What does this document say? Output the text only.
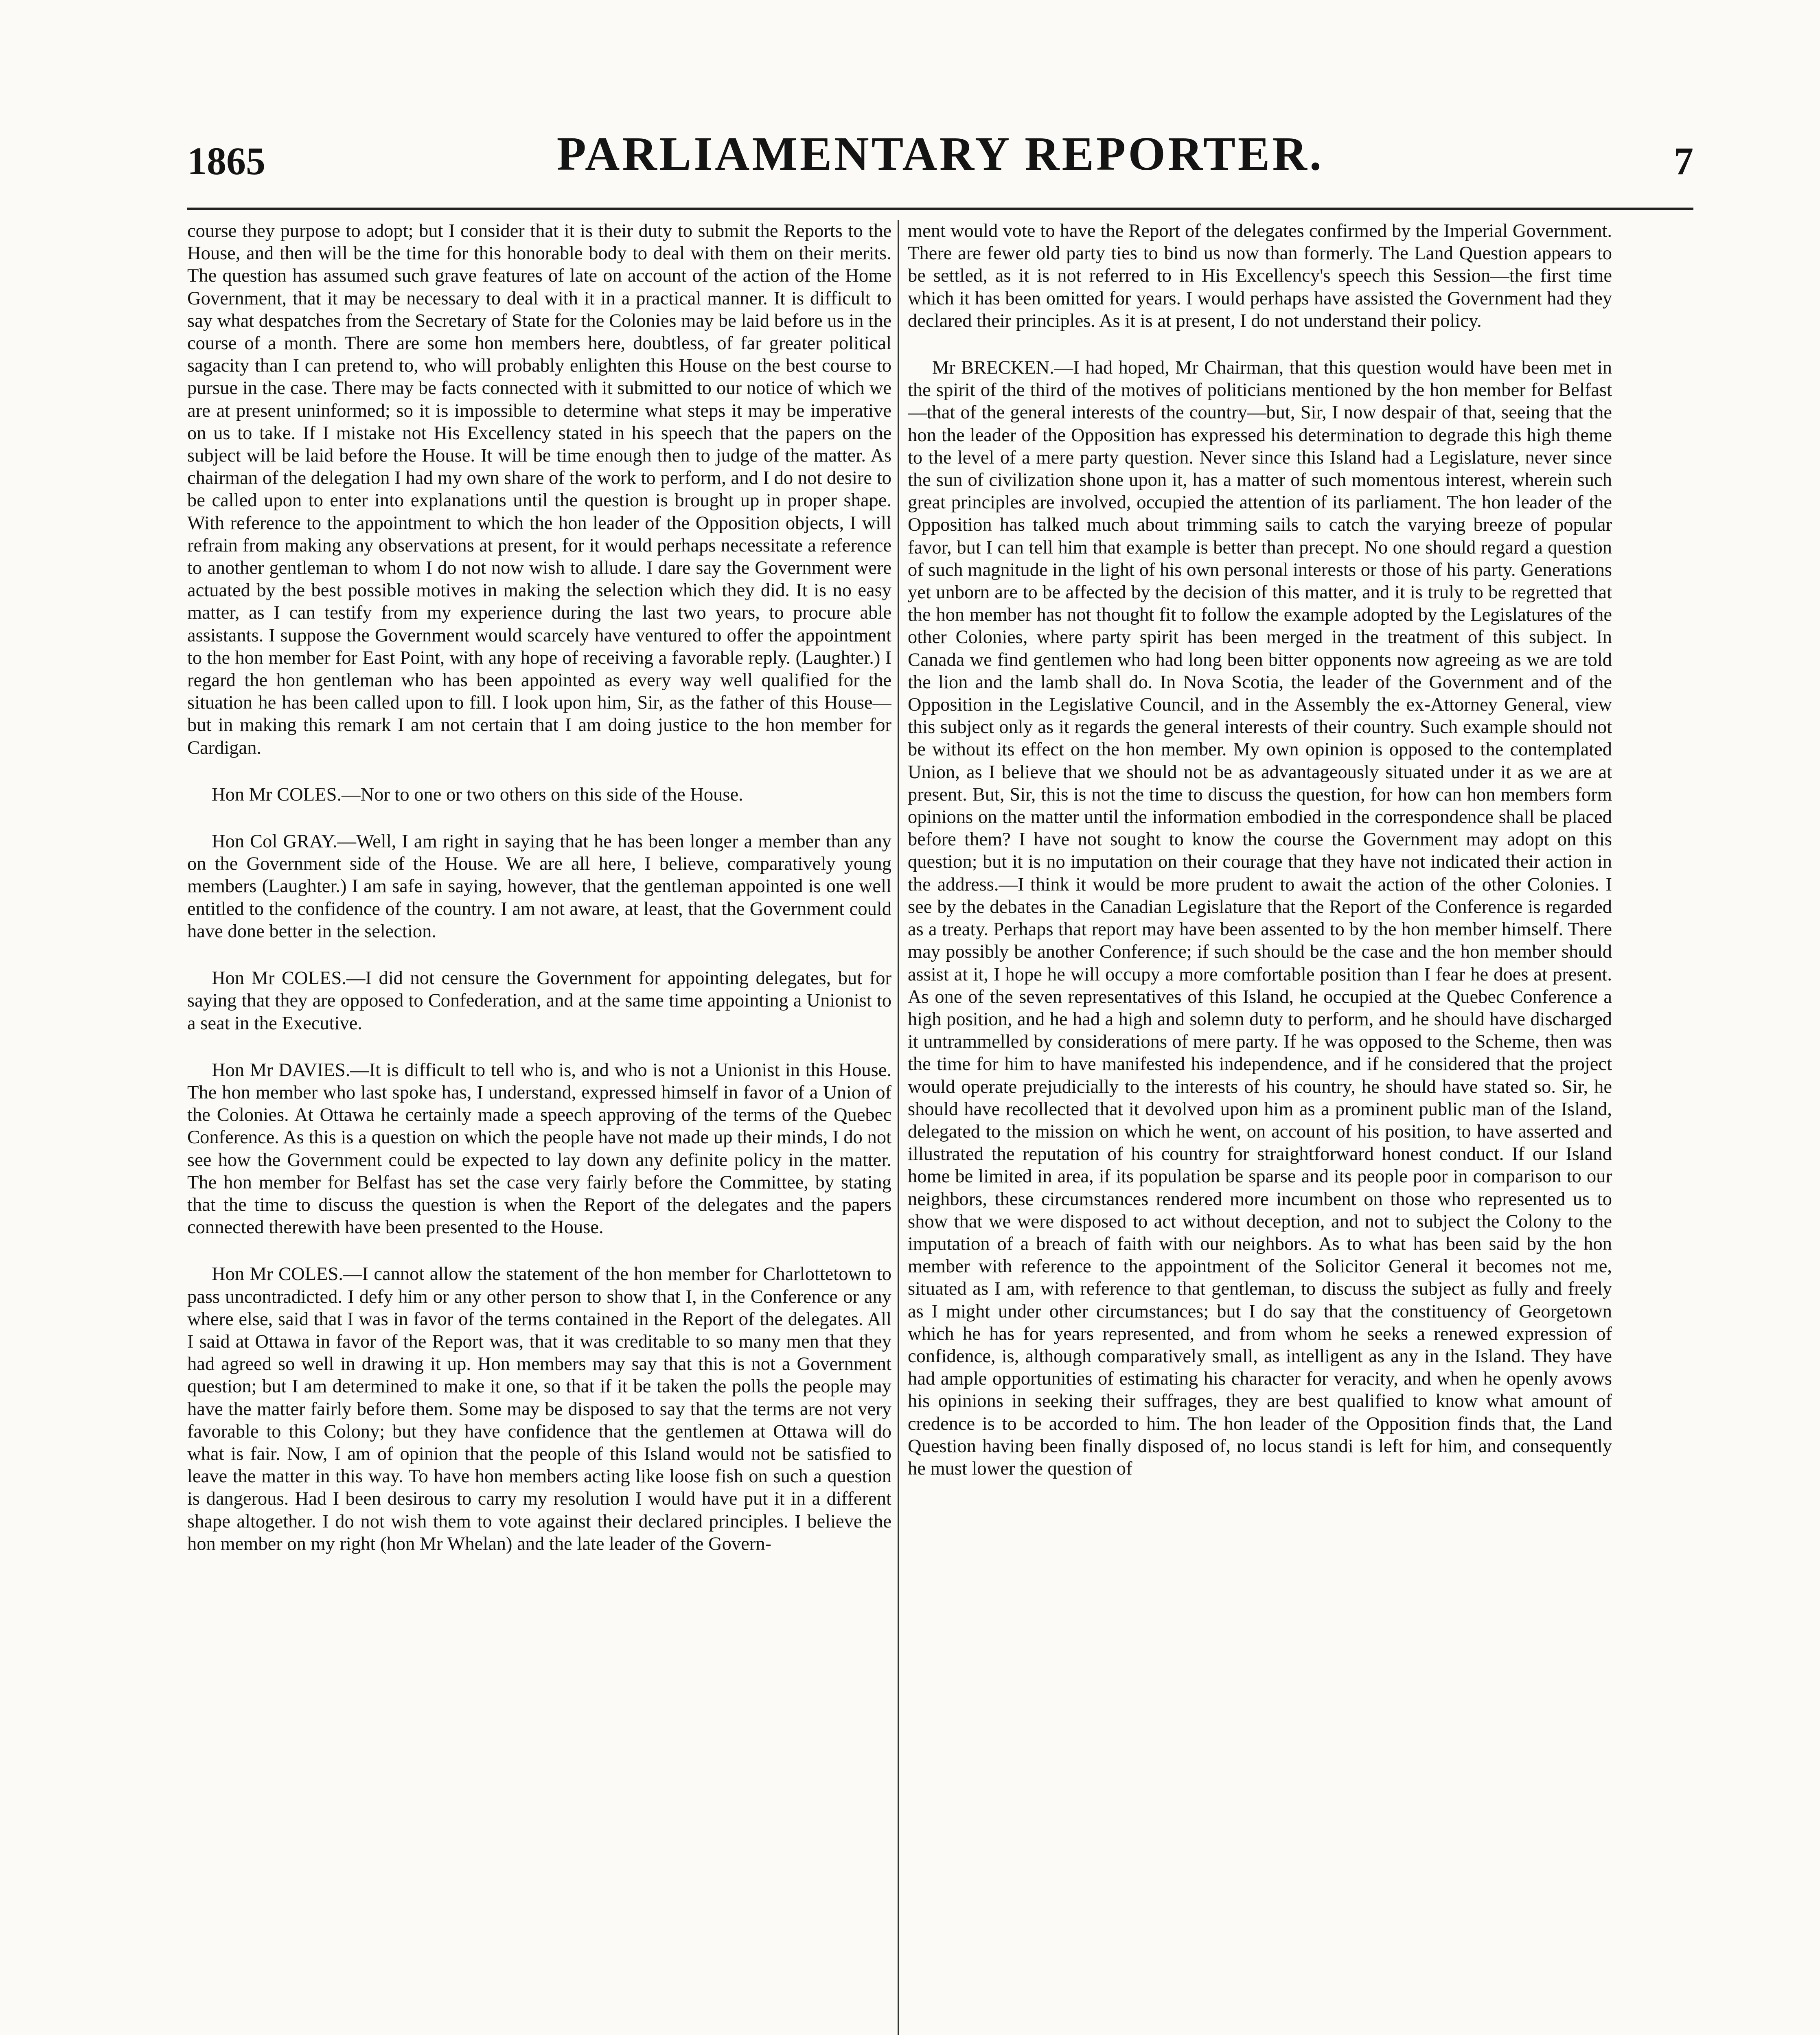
1865	PARLIAMENTARY REPORTER.	7

course they purpose to adopt; but I consider that it is their duty to submit the Reports to the House, and then will be the time for this honorable body to deal with them on their merits. The question has assumed such grave features of late on account of the action of the Home Government, that it may be necessary to deal with it in a practical manner. It is difficult to say what despatches from the Secretary of State for the Colonies may be laid before us in the course of a month. There are some hon members here, doubtless, of far greater political sagacity than I can pretend to, who will probably enlighten this House on the best course to pursue in the case. There may be facts connected with it submitted to our notice of which we are at present uninformed; so it is impossible to determine what steps it may be imperative on us to take. If I mistake not His Excellency stated in his speech that the papers on the subject will be laid before the House. It will be time enough then to judge of the matter. As chairman of the delegation I had my own share of the work to perform, and I do not desire to be called upon to enter into explanations until the question is brought up in proper shape. With reference to the appointment to which the hon leader of the Opposition objects, I will refrain from making any observations at present, for it would perhaps necessitate a reference to another gentleman to whom I do not now wish to allude. I dare say the Government were actuated by the best possible motives in making the selection which they did. It is no easy matter, as I can testify from my experience during the last two years, to procure able assistants. I suppose the Government would scarcely have ventured to offer the appointment to the hon member for East Point, with any hope of receiving a favorable reply. (Laughter.) I regard the hon gentleman who has been appointed as every way well qualified for the situation he has been called upon to fill. I look upon him, Sir, as the father of this House—but in making this remark I am not certain that I am doing justice to the hon member for Cardigan.

Hon Mr COLES.—Nor to one or two others on this side of the House.

Hon Col GRAY.—Well, I am right in saying that he has been longer a member than any on the Government side of the House. We are all here, I believe, comparatively young members (Laughter.) I am safe in saying, however, that the gentleman appointed is one well entitled to the confidence of the country. I am not aware, at least, that the Government could have done better in the selection.

Hon Mr COLES.—I did not censure the Government for appointing delegates, but for saying that they are opposed to Confederation, and at the same time appointing a Unionist to a seat in the Executive.

Hon Mr DAVIES.—It is difficult to tell who is, and who is not a Unionist in this House. The hon member who last spoke has, I understand, expressed himself in favor of a Union of the Colonies. At Ottawa he certainly made a speech approving of the terms of the Quebec Conference. As this is a question on which the people have not made up their minds, I do not see how the Government could be expected to lay down any definite policy in the matter. The hon member for Belfast has set the case very fairly before the Committee, by stating that the time to discuss the question is when the Report of the delegates and the papers connected therewith have been presented to the House.

Hon Mr COLES.—I cannot allow the statement of the hon member for Charlottetown to pass uncontradicted. I defy him or any other person to show that I, in the Conference or any where else, said that I was in favor of the terms contained in the Report of the delegates. All I said at Ottawa in favor of the Report was, that it was creditable to so many men that they had agreed so well in drawing it up. Hon members may say that this is not a Government question; but I am determined to make it one, so that if it be taken the polls the people may have the matter fairly before them. Some may be disposed to say that the terms are not very favorable to this Colony; but they have confidence that the gentlemen at Ottawa will do what is fair. Now, I am of opinion that the people of this Island would not be satisfied to leave the matter in this way. To have hon members acting like loose fish on such a question is dangerous. Had I been desirous to carry my resolution I would have put it in a different shape altogether. I do not wish them to vote against their declared principles. I believe the hon member on my right (hon Mr Whelan) and the late leader of the Govern-

ment would vote to have the Report of the delegates confirmed by the Imperial Government. There are fewer old party ties to bind us now than formerly. The Land Question appears to be settled, as it is not referred to in His Excellency's speech this Session—the first time which it has been omitted for years. I would perhaps have assisted the Government had they declared their principles. As it is at present, I do not understand their policy.

Mr BRECKEN.—I had hoped, Mr Chairman, that this question would have been met in the spirit of the third of the motives of politicians mentioned by the hon member for Belfast—that of the general interests of the country—but, Sir, I now despair of that, seeing that the hon the leader of the Opposition has expressed his determination to degrade this high theme to the level of a mere party question. Never since this Island had a Legislature, never since the sun of civilization shone upon it, has a matter of such momentous interest, wherein such great principles are involved, occupied the attention of its parliament. The hon leader of the Opposition has talked much about trimming sails to catch the varying breeze of popular favor, but I can tell him that example is better than precept. No one should regard a question of such magnitude in the light of his own personal interests or those of his party. Generations yet unborn are to be affected by the decision of this matter, and it is truly to be regretted that the hon member has not thought fit to follow the example adopted by the Legislatures of the other Colonies, where party spirit has been merged in the treatment of this subject. In Canada we find gentlemen who had long been bitter opponents now agreeing as we are told the lion and the lamb shall do. In Nova Scotia, the leader of the Government and of the Opposition in the Legislative Council, and in the Assembly the ex-Attorney General, view this subject only as it regards the general interests of their country. Such example should not be without its effect on the hon member. My own opinion is opposed to the contemplated Union, as I believe that we should not be as advantageously situated under it as we are at present. But, Sir, this is not the time to discuss the question, for how can hon members form opinions on the matter until the information embodied in the correspondence shall be placed before them? I have not sought to know the course the Government may adopt on this question; but it is no imputation on their courage that they have not indicated their action in the address.—I think it would be more prudent to await the action of the other Colonies. I see by the debates in the Canadian Legislature that the Report of the Conference is regarded as a treaty. Perhaps that report may have been assented to by the hon member himself. There may possibly be another Conference; if such should be the case and the hon member should assist at it, I hope he will occupy a more comfortable position than I fear he does at present. As one of the seven representatives of this Island, he occupied at the Quebec Conference a high position, and he had a high and solemn duty to perform, and he should have discharged it untrammelled by considerations of mere party. If he was opposed to the Scheme, then was the time for him to have manifested his independence, and if he considered that the project would operate prejudicially to the interests of his country, he should have stated so. Sir, he should have recollected that it devolved upon him as a prominent public man of the Island, delegated to the mission on which he went, on account of his position, to have asserted and illustrated the reputation of his country for straightforward honest conduct. If our Island home be limited in area, if its population be sparse and its people poor in comparison to our neighbors, these circumstances rendered more incumbent on those who represented us to show that we were disposed to act without deception, and not to subject the Colony to the imputation of a breach of faith with our neighbors. As to what has been said by the hon member with reference to the appointment of the Solicitor General it becomes not me, situated as I am, with reference to that gentleman, to discuss the subject as fully and freely as I might under other circumstances; but I do say that the constituency of Georgetown which he has for years represented, and from whom he seeks a renewed expression of confidence, is, although comparatively small, as intelligent as any in the Island. They have had ample opportunities of estimating his character for veracity, and when he openly avows his opinions in seeking their suffrages, they are best qualified to know what amount of credence is to be accorded to him. The hon leader of the Opposition finds that, the Land Question having been finally disposed of, no locus standi is left for him, and consequently he must lower the question of
